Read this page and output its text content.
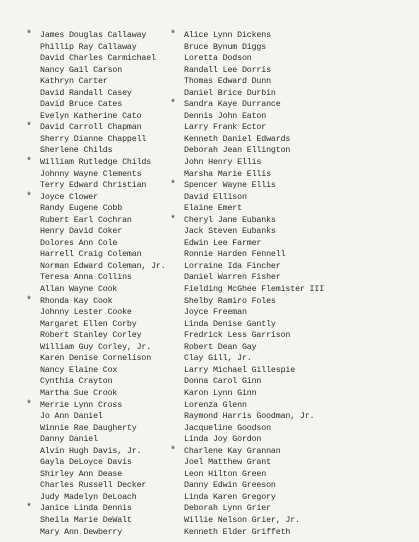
* James Douglas Callaway
Phillip Ray Callaway
David Charles Carmichael
Nancy Gail Carson
Kathryn Carter
David Randall Casey
David Bruce Cates
Evelyn Katherine Cato
* David Carroll Chapman
Sherry Dianne Chappell
Sherlene Childs
* William Rutledge Childs
Johnny Wayne Clements
Terry Edward Christian
* Joyce Clower
Randy Eugene Cobb
Rubert Earl Cochran
Henry David Coker
Dolores Ann Cole
Harrell Craig Coleman
Norman Edward Coleman, Jr.
Teresa Anna Collins
Allan Wayne Cook
* Rhonda Kay Cook
Johnny Lester Cooke
Margaret Ellen Corby
Robert Stanley Corley
William Guy Corley, Jr.
Karen Denise Cornelison
Nancy Elaine Cox
Cynthia Crayton
Martha Sue Crook
* Merrie Lynn Cross
Jo Ann Daniel
Winnie Rae Daugherty
Danny Daniel
Alvin Hugh Davis, Jr.
Gayla DeLoyce Davis
Shirley Ann Dease
Charles Russell Decker
Judy Madelyn DeLoach
* Janice Linda Dennis
Sheila Marie DeWalt
Mary Ann Dewberry
* Alice Lynn Dickens
Bruce Bynum Diggs
Loretta Dodson
Randall Lee Dorris
Thomas Edward Dunn
Daniel Brice Durbin
* Sandra Kaye Durrance
Dennis John Eaton
Larry Frank Ector
Kenneth Daniel Edwards
Deborah Jean Ellington
John Henry Ellis
Marsha Marie Ellis
* Spencer Wayne Ellis
David Ellison
Elaine Emert
* Cheryl Jane Eubanks
Jack Steven Eubanks
Edwin Lee Farmer
Ronnie Harden Fennell
Lorraine Ida Fincher
Daniel Warren Fisher
Fielding McGhee Flemister III
Shelby Ramiro Foles
Joyce Freeman
Linda Denise Gantly
Fredrick Less Garrison
Robert Dean Gay
Clay Gill, Jr.
Larry Michael Gillespie
Donna Carol Ginn
Karon Lynn Ginn
Lorenza Glenn
Raymond Harris Goodman, Jr.
Jacqueline Goodson
Linda Joy Gordon
* Charlene Kay Grannan
Joel Matthew Grant
Leon Hilton Green
Danny Edwin Greeson
Linda Karen Gregory
Deborah Lynn Grier
Willie Nelson Grier, Jr.
Kenneth Elder Griffeth
